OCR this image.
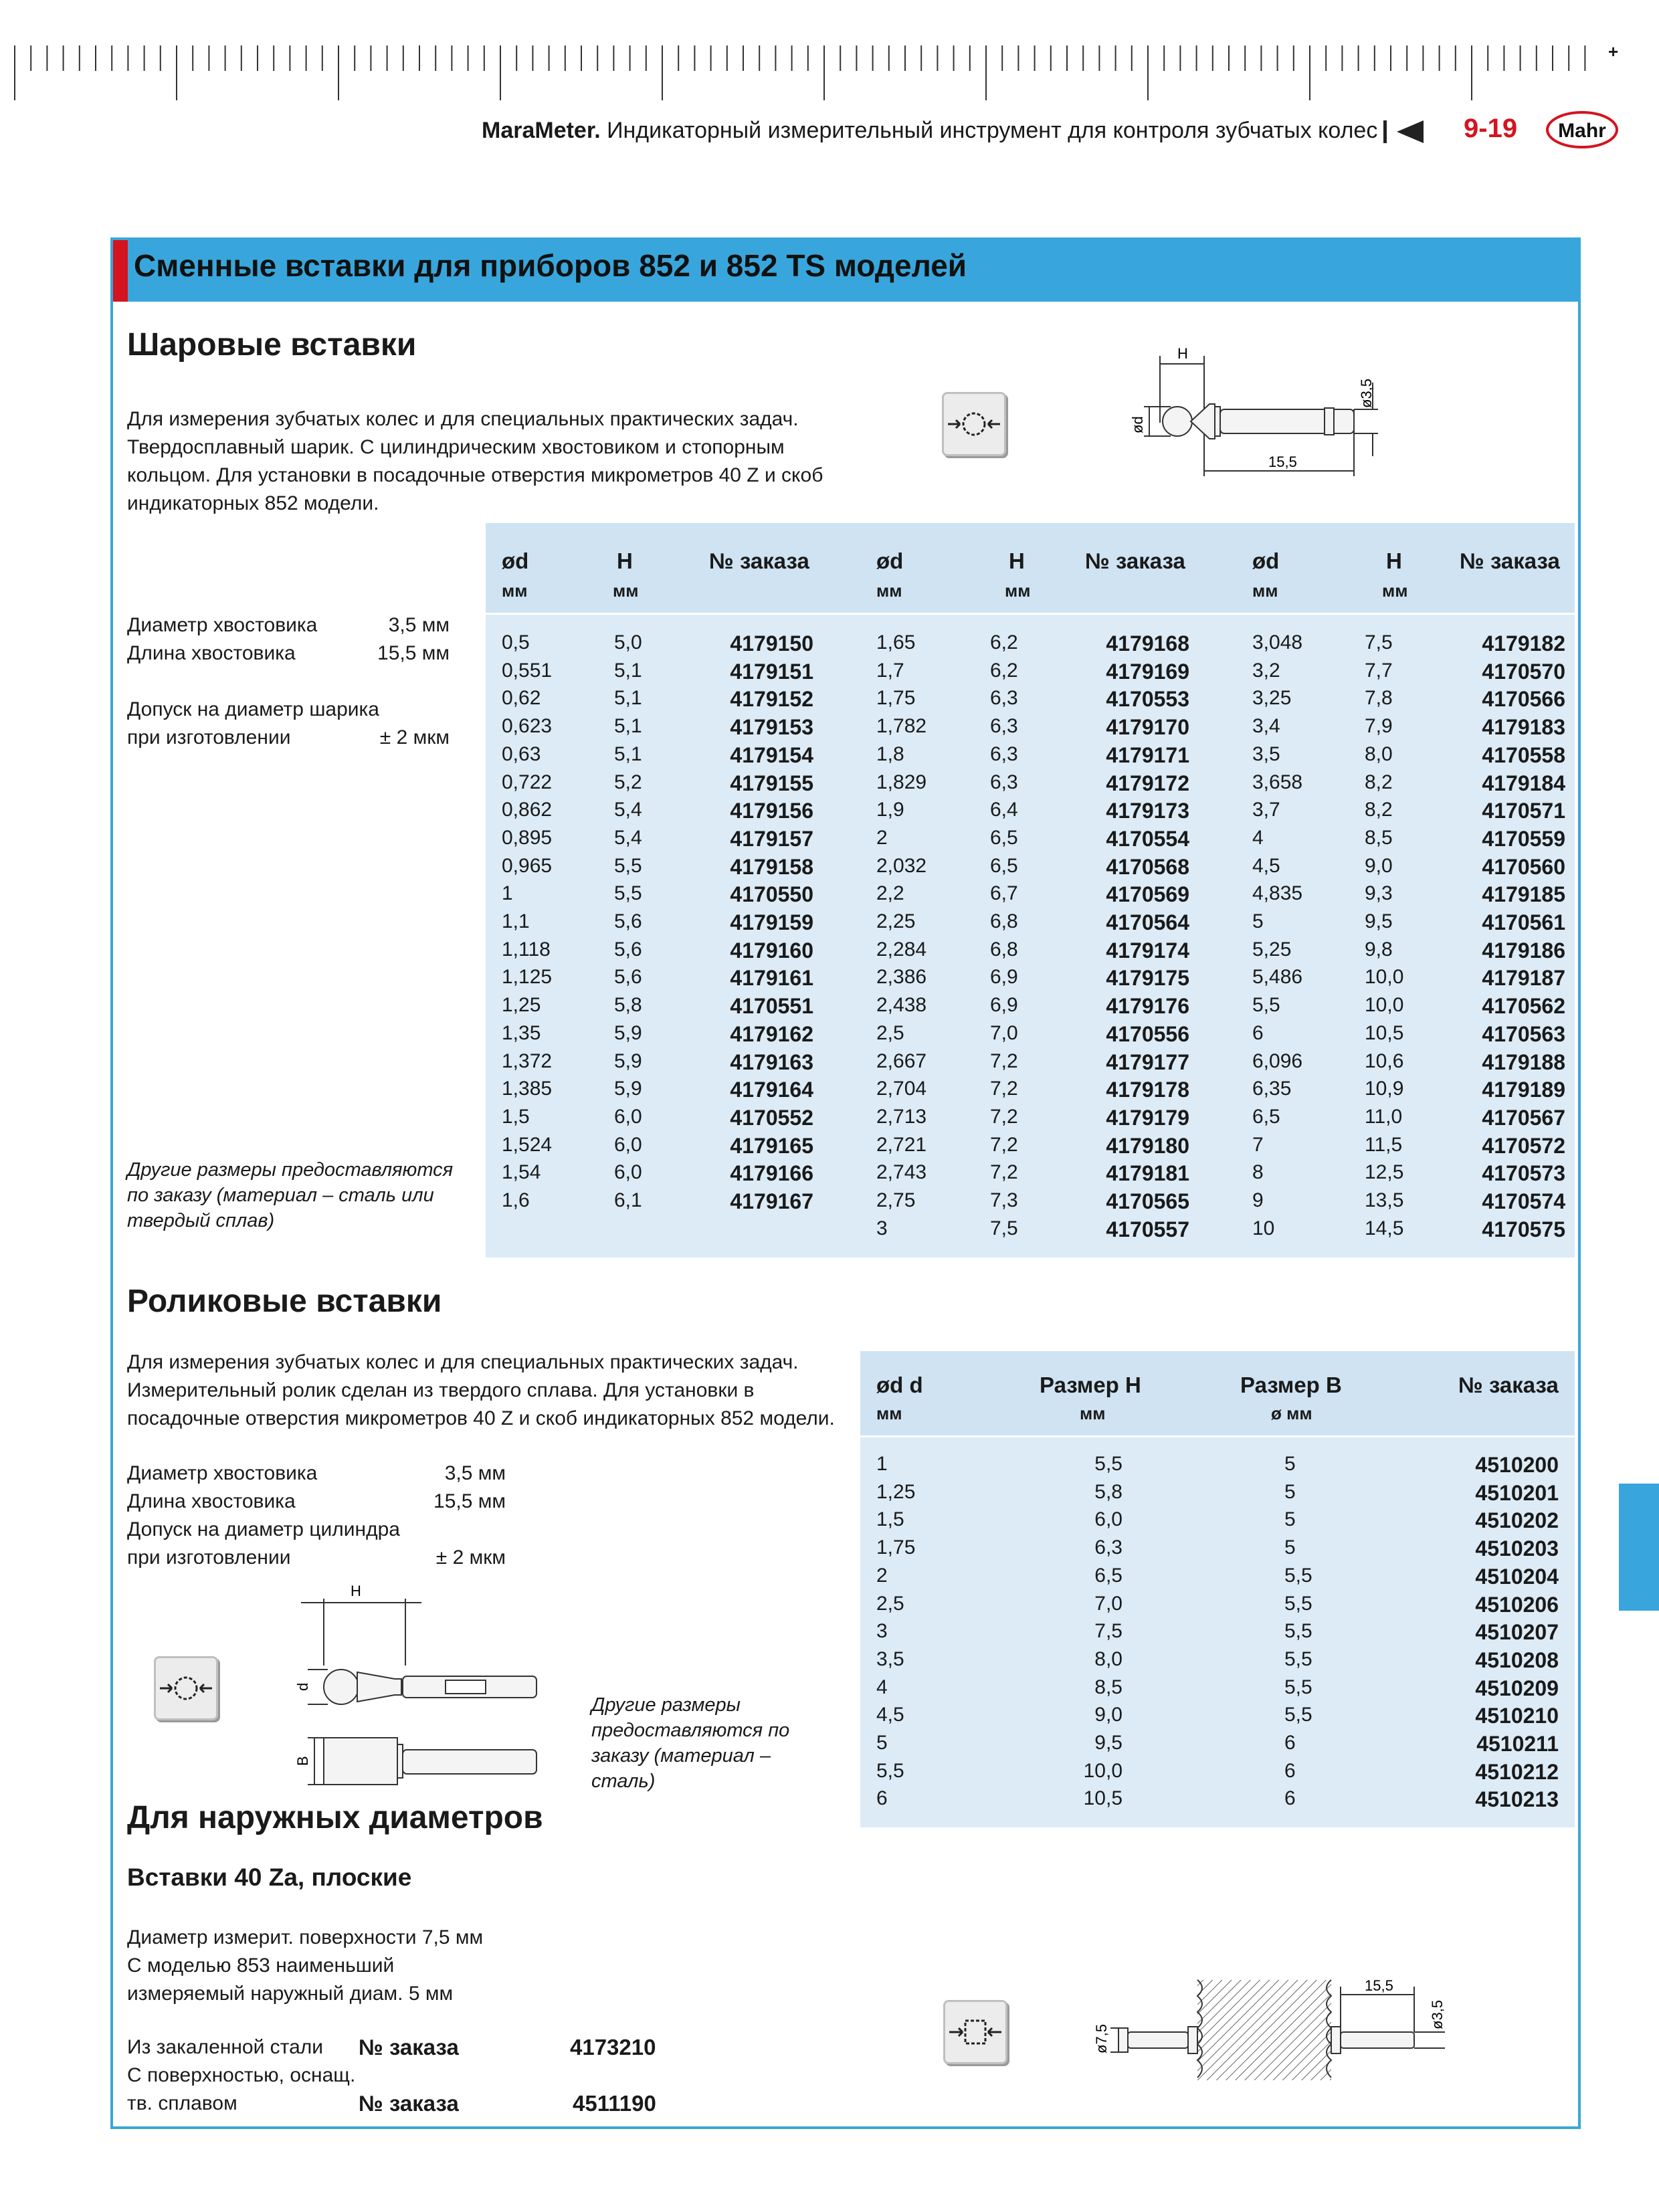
+
MaraMeter. Индикаторный измерительный инструмент для контроля зубчатых колес	9-19 Mahr
Сменные вставки для приборов 852 и 852 TS моделей
Шаровые вставки
Для измерения зубчатых колес и для специальных практических задач.
Твердосплавный шарик. С цилиндрическим хвостовиком и стопорным
кольцом. Для установки в посадочные отверстия микрометров 40 Z и скоб
индикаторных 852 модели.
H
ød
ø3,5
15,5
Диаметр хвостовика	3,5 мм
Длина хвостовика	15,5 мм
Допуск на диаметр шарика
при изготовлении	± 2 мкм
Другие размеры предоставляются
по заказу (материал – сталь или
твердый сплав)
ød	H	№ заказа
мм	мм
ød	H	№ заказа
мм	мм
ød	H	№ заказа
мм	мм
0,5	5,0	4179150
0,551	5,1	4179151
0,62	5,1	4179152
0,623	5,1	4179153
0,63	5,1	4179154
0,722	5,2	4179155
0,862	5,4	4179156
0,895	5,4	4179157
0,965	5,5	4179158
1	5,5	4170550
1,1	5,6	4179159
1,118	5,6	4179160
1,125	5,6	4179161
1,25	5,8	4170551
1,35	5,9	4179162
1,372	5,9	4179163
1,385	5,9	4179164
1,5	6,0	4170552
1,524	6,0	4179165
1,54	6,0	4179166
1,6	6,1	4179167
1,65	6,2	4179168
1,7	6,2	4179169
1,75	6,3	4170553
1,782	6,3	4179170
1,8	6,3	4179171
1,829	6,3	4179172
1,9	6,4	4179173
2	6,5	4170554
2,032	6,5	4170568
2,2	6,7	4170569
2,25	6,8	4170564
2,284	6,8	4179174
2,386	6,9	4179175
2,438	6,9	4179176
2,5	7,0	4170556
2,667	7,2	4179177
2,704	7,2	4179178
2,713	7,2	4179179
2,721	7,2	4179180
2,743	7,2	4179181
2,75	7,3	4170565
3	7,5	4170557
3,048	7,5	4179182
3,2	7,7	4170570
3,25	7,8	4170566
3,4	7,9	4179183
3,5	8,0	4170558
3,658	8,2	4179184
3,7	8,2	4170571
4	8,5	4170559
4,5	9,0	4170560
4,835	9,3	4179185
5	9,5	4170561
5,25	9,8	4179186
5,486	10,0	4179187
5,5	10,0	4170562
6	10,5	4170563
6,096	10,6	4179188
6,35	10,9	4179189
6,5	11,0	4170567
7	11,5	4170572
8	12,5	4170573
9	13,5	4170574
10	14,5	4170575
Роликовые вставки
Для измерения зубчатых колес и для специальных практических задач.
Измерительный ролик сделан из твердого сплава. Для установки в
посадочные отверстия микрометров 40 Z и скоб индикаторных 852 модели.
Диаметр хвостовика	3,5 мм
Длина хвостовика	15,5 мм
Допуск на диаметр цилиндра
при изготовлении	± 2 мкм
H
d
B
Другие размеры
предоставляются по
заказу (материал –
сталь)
ød d	Размер H	Размер B	№ заказа
мм	мм	ø мм
1	5,5	5	4510200
1,25	5,8	5	4510201
1,5	6,0	5	4510202
1,75	6,3	5	4510203
2	6,5	5,5	4510204
2,5	7,0	5,5	4510206
3	7,5	5,5	4510207
3,5	8,0	5,5	4510208
4	8,5	5,5	4510209
4,5	9,0	5,5	4510210
5	9,5	6	4510211
5,5	10,0	6	4510212
6	10,5	6	4510213
Для наружных диаметров
Вставки 40 Za, плоские
Диаметр измерит. поверхности 7,5 мм
С моделью 853 наименьший
измеряемый наружный диам. 5 мм
Из закаленной стали № заказа	4173210
С поверхностью, оснащ.
тв. сплавом	№ заказа	4511190
ø7,5
15,5
ø3,5
